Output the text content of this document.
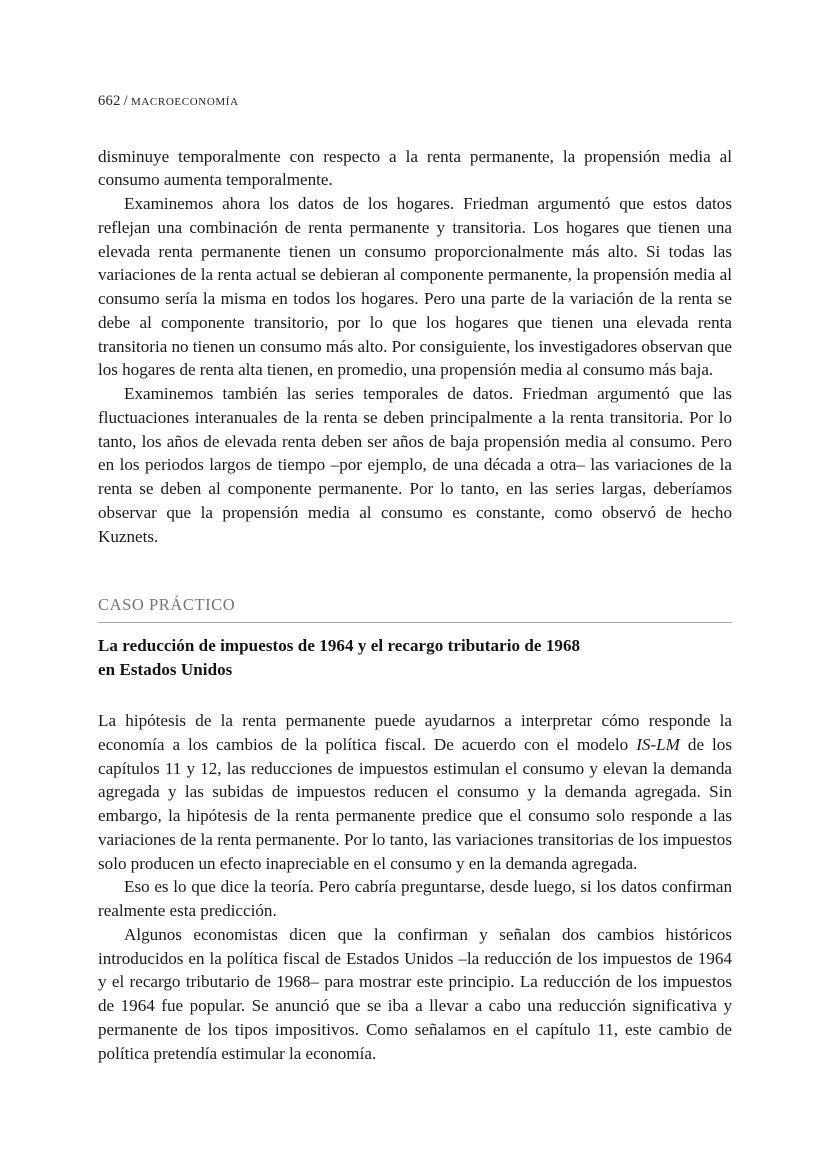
662 / macroeconomía

disminuye temporalmente con respecto a la renta permanente, la propensión media al consumo aumenta temporalmente.

Examinemos ahora los datos de los hogares. Friedman argumentó que estos datos reflejan una combinación de renta permanente y transitoria. Los hogares que tienen una elevada renta permanente tienen un consumo proporcionalmente más alto. Si todas las variaciones de la renta actual se debieran al componente permanente, la propensión media al consumo sería la misma en todos los hogares. Pero una parte de la variación de la renta se debe al componente transitorio, por lo que los hogares que tienen una elevada renta transitoria no tienen un consumo más alto. Por consiguiente, los investigadores observan que los hogares de renta alta tienen, en promedio, una propensión media al consumo más baja.

Examinemos también las series temporales de datos. Friedman argumentó que las fluctuaciones interanuales de la renta se deben principalmente a la renta transitoria. Por lo tanto, los años de elevada renta deben ser años de baja propensión media al consumo. Pero en los periodos largos de tiempo –por ejemplo, de una década a otra– las variaciones de la renta se deben al componente permanente. Por lo tanto, en las series largas, deberíamos observar que la propensión media al consumo es constante, como observó de hecho Kuznets.

CASO PRÁCTICO
La reducción de impuestos de 1964 y el recargo tributario de 1968
en Estados Unidos

La hipótesis de la renta permanente puede ayudarnos a interpretar cómo responde la economía a los cambios de la política fiscal. De acuerdo con el modelo IS-LM de los capítulos 11 y 12, las reducciones de impuestos estimulan el consumo y elevan la demanda agregada y las subidas de impuestos reducen el consumo y la demanda agregada. Sin embargo, la hipótesis de la renta permanente predice que el consumo solo responde a las variaciones de la renta permanente. Por lo tanto, las variaciones transitorias de los impuestos solo producen un efecto inapreciable en el consumo y en la demanda agregada.

Eso es lo que dice la teoría. Pero cabría preguntarse, desde luego, si los datos confirman realmente esta predicción.

Algunos economistas dicen que la confirman y señalan dos cambios históricos introducidos en la política fiscal de Estados Unidos –la reducción de los impuestos de 1964 y el recargo tributario de 1968– para mostrar este principio. La reducción de los impuestos de 1964 fue popular. Se anunció que se iba a llevar a cabo una reducción significativa y permanente de los tipos impositivos. Como señalamos en el capítulo 11, este cambio de política pretendía estimular la economía.
